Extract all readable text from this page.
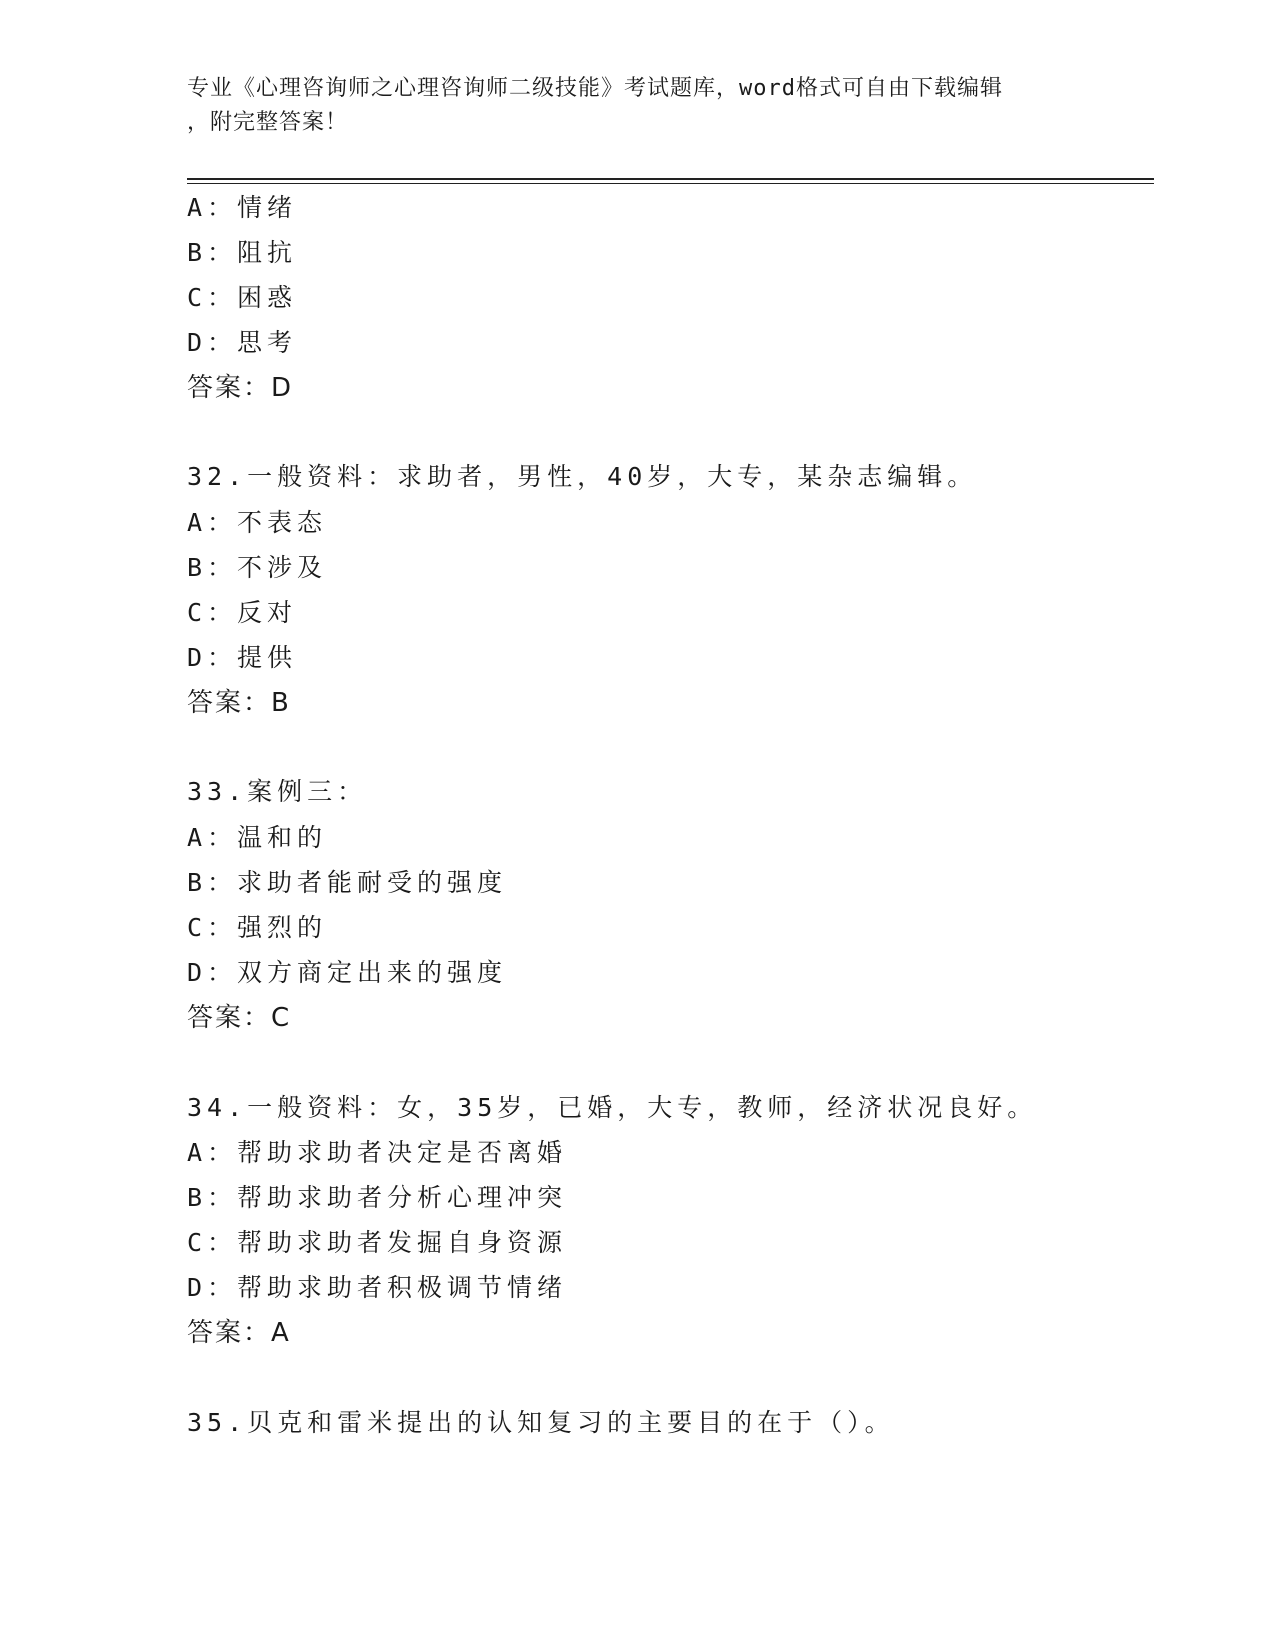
专业《心理咨询师之心理咨询师二级技能》考试题库，word格式可自由下载编辑
，附完整答案！
A：情绪
B：阻抗
C：困惑
D：思考
答案：D
32.一般资料：求助者，男性，40岁，大专，某杂志编辑。
A：不表态
B：不涉及
C：反对
D：提供
答案：B
33.案例三：
A：温和的
B：求助者能耐受的强度
C：强烈的
D：双方商定出来的强度
答案：C
34.一般资料：女，35岁，已婚，大专，教师，经济状况良好。
A：帮助求助者决定是否离婚
B：帮助求助者分析心理冲突
C：帮助求助者发掘自身资源
D：帮助求助者积极调节情绪
答案：A
35.贝克和雷米提出的认知复习的主要目的在于（）。
